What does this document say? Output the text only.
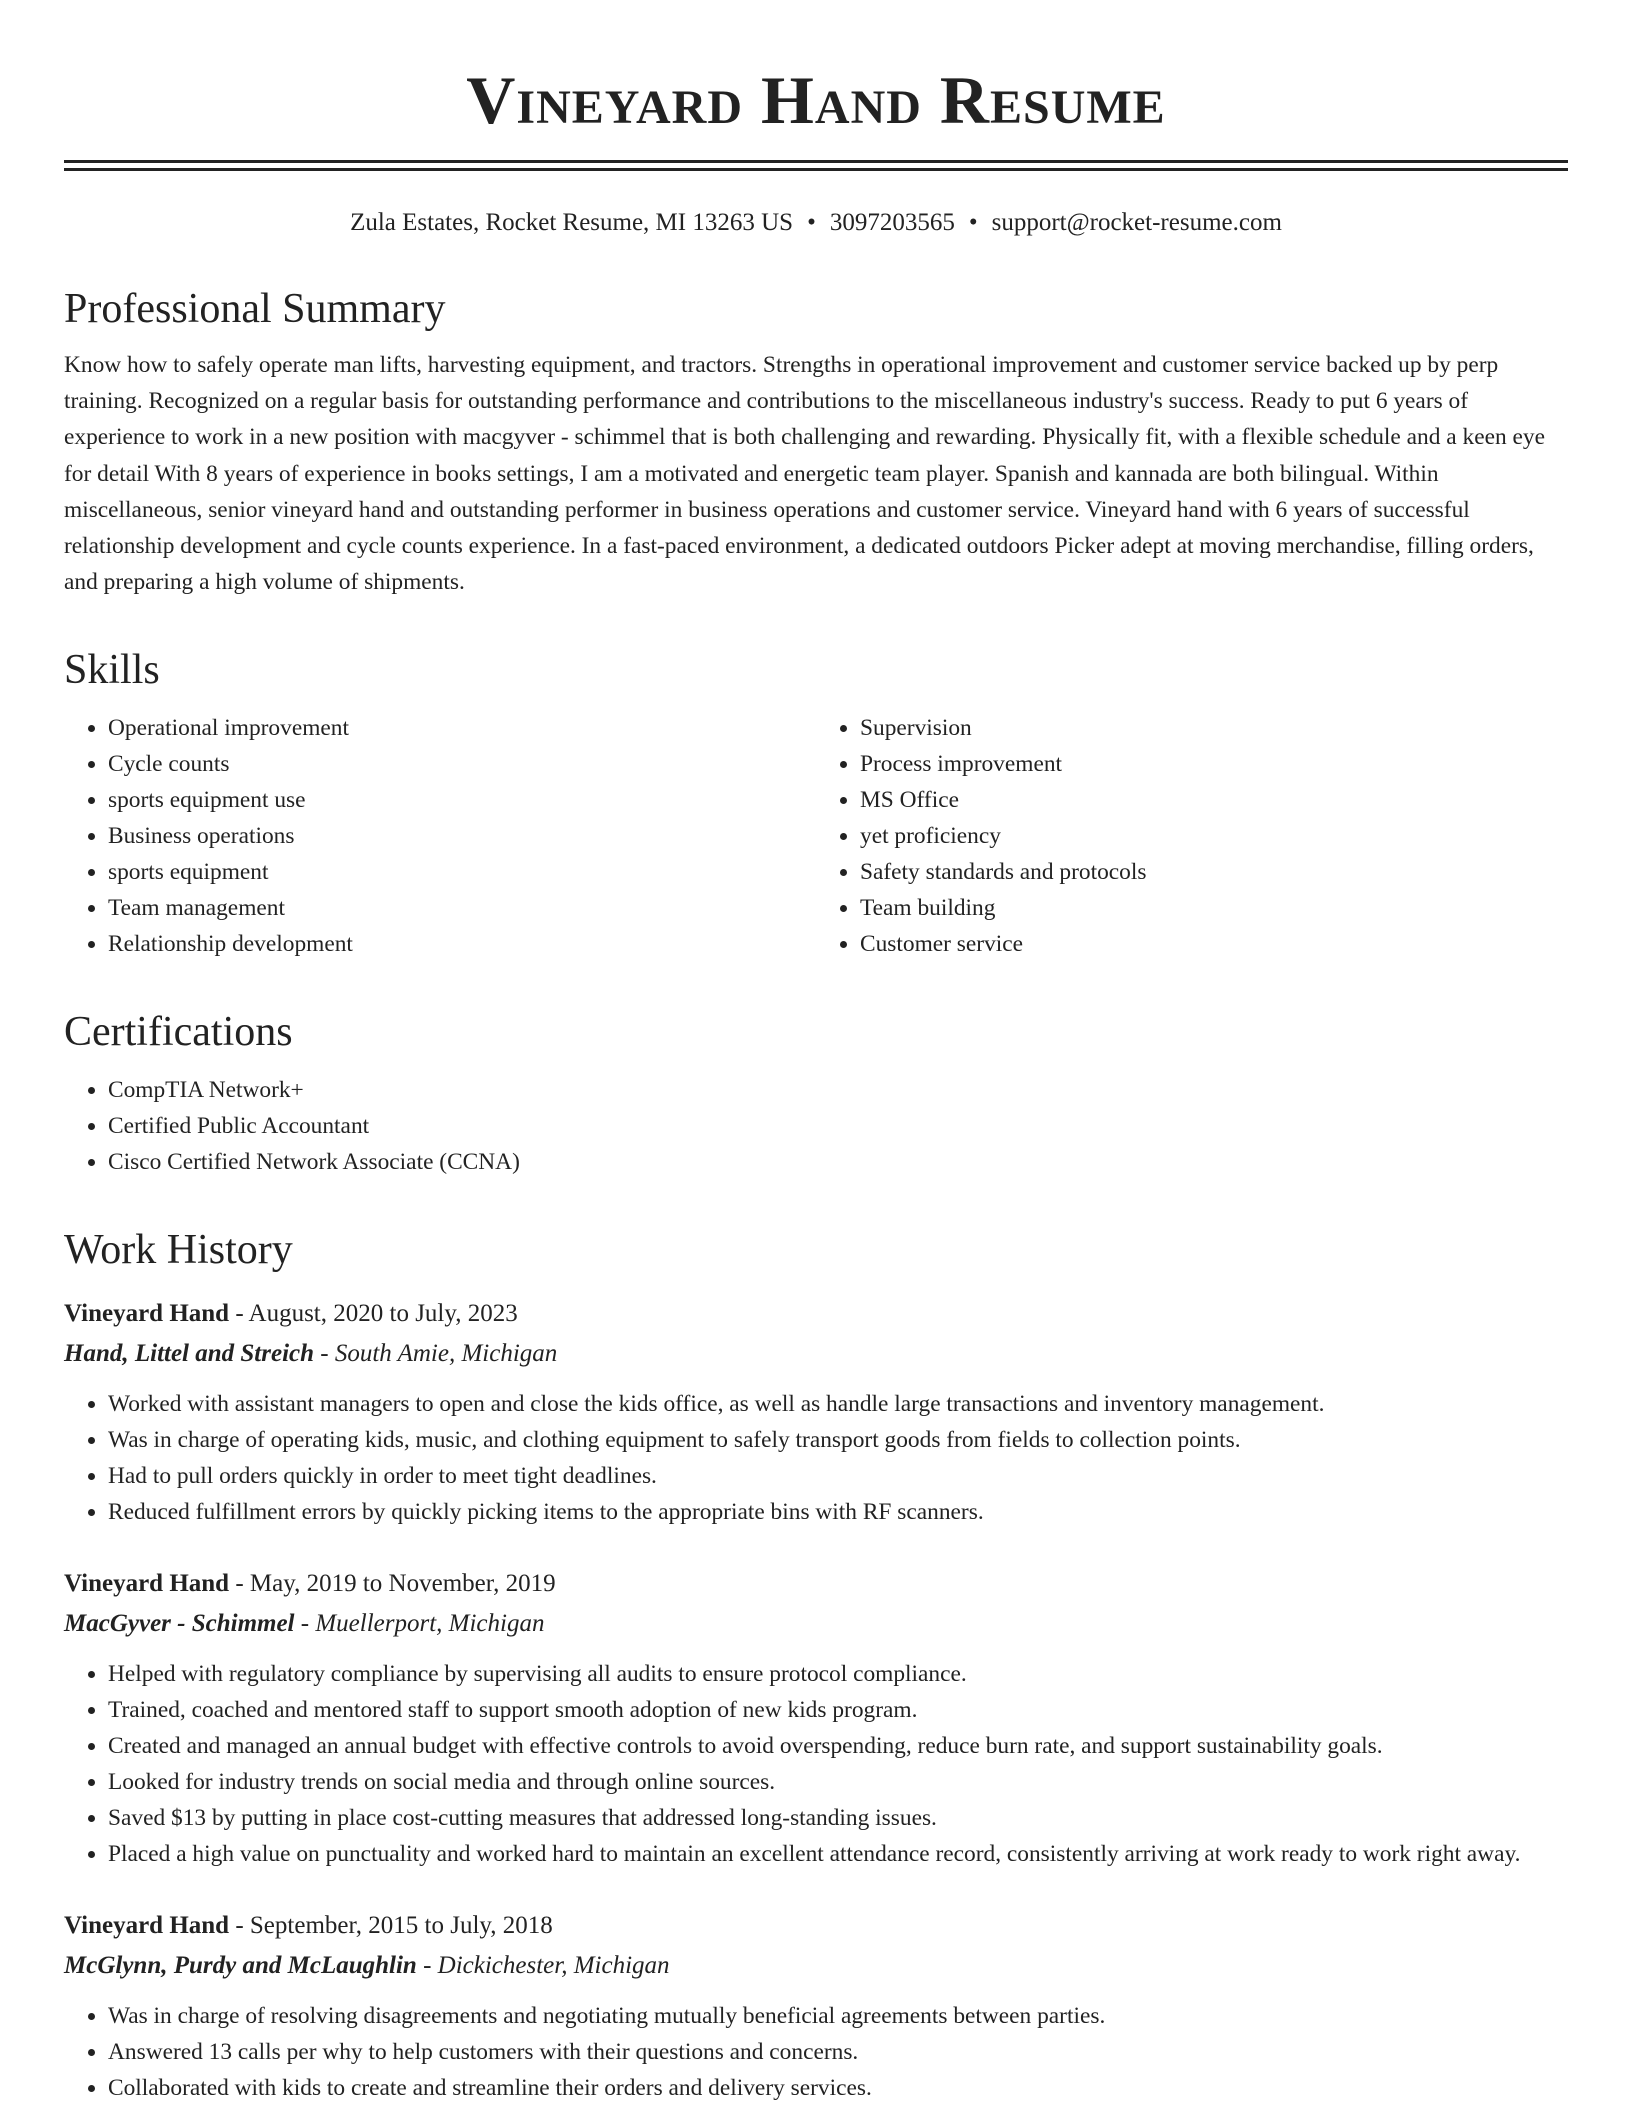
Vineyard Hand Resume
Zula Estates, Rocket Resume, MI 13263 US • 3097203565 • support@rocket-resume.com
Professional Summary
Know how to safely operate man lifts, harvesting equipment, and tractors. Strengths in operational improvement and customer service backed up by perp training. Recognized on a regular basis for outstanding performance and contributions to the miscellaneous industry's success. Ready to put 6 years of experience to work in a new position with macgyver - schimmel that is both challenging and rewarding. Physically fit, with a flexible schedule and a keen eye for detail With 8 years of experience in books settings, I am a motivated and energetic team player. Spanish and kannada are both bilingual. Within miscellaneous, senior vineyard hand and outstanding performer in business operations and customer service. Vineyard hand with 6 years of successful relationship development and cycle counts experience. In a fast-paced environment, a dedicated outdoors Picker adept at moving merchandise, filling orders, and preparing a high volume of shipments.
Skills
• Operational improvement
• Cycle counts
• sports equipment use
• Business operations
• sports equipment
• Team management
• Relationship development
• Supervision
• Process improvement
• MS Office
• yet proficiency
• Safety standards and protocols
• Team building
• Customer service
Certifications
• CompTIA Network+
• Certified Public Accountant
• Cisco Certified Network Associate (CCNA)
Work History
Vineyard Hand - August, 2020 to July, 2023
Hand, Littel and Streich - South Amie, Michigan
• Worked with assistant managers to open and close the kids office, as well as handle large transactions and inventory management.
• Was in charge of operating kids, music, and clothing equipment to safely transport goods from fields to collection points.
• Had to pull orders quickly in order to meet tight deadlines.
• Reduced fulfillment errors by quickly picking items to the appropriate bins with RF scanners.
Vineyard Hand - May, 2019 to November, 2019
MacGyver - Schimmel - Muellerport, Michigan
• Helped with regulatory compliance by supervising all audits to ensure protocol compliance.
• Trained, coached and mentored staff to support smooth adoption of new kids program.
• Created and managed an annual budget with effective controls to avoid overspending, reduce burn rate, and support sustainability goals.
• Looked for industry trends on social media and through online sources.
• Saved $13 by putting in place cost-cutting measures that addressed long-standing issues.
• Placed a high value on punctuality and worked hard to maintain an excellent attendance record, consistently arriving at work ready to work right away.
Vineyard Hand - September, 2015 to July, 2018
McGlynn, Purdy and McLaughlin - Dickichester, Michigan
• Was in charge of resolving disagreements and negotiating mutually beneficial agreements between parties.
• Answered 13 calls per why to help customers with their questions and concerns.
• Collaborated with kids to create and streamline their orders and delivery services.
